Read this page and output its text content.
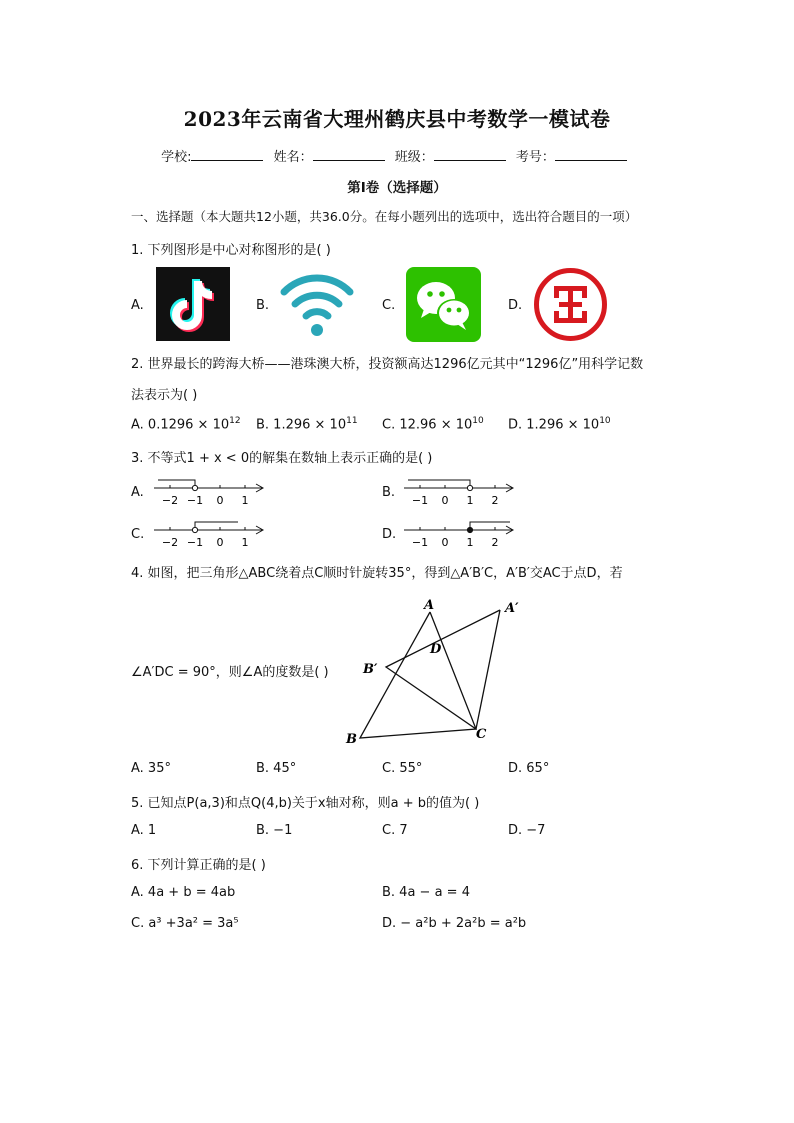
2023年云南省大理州鹤庆县中考数学一模试卷
学校:	姓名：	班级：	考号：
第I卷（选择题）
一、选择题（本大题共12小题，共36.0分。在每小题列出的选项中，选出符合题目的一项）
1. 下列图形是中心对称图形的是( )
A.	B.	C.	D.
2. 世界最长的跨海大桥——港珠澳大桥，投资额高达1296亿元其中“1296亿”用科学记数
法表示为( )
A. $0.1296 \times 10^{12}$ B. $1.296 \times 10^{11}$ C. $12.96 \times 10^{10}$ D. $1.296 \times 10^{10}$
3. 不等式1 + x < 0的解集在数轴上表示正确的是( )
A.	B.
C.	D.
−2 −1 0 1	−1 0 1 2
−2 −1 0 1	−1 0 1 2
4. 如图，把三角形△ABC绕着点C顺时针旋转35°，得到△A′B′C，A′B′交AC于点D，若
∠A′DC = 90°，则∠A的度数是( )
A	A′
D
B′
B	C
A. 35°	B. 45°	C. 55°	D. 65°
5. 已知点P(a,3)和点Q(4,b)关于x轴对称，则a + b的值为( )
A. 1	B. −1	C. 7	D. −7
6. 下列计算正确的是( )
A. 4a + b = 4ab	B. 4a − a = 4
C. a³ +3a² = 3a⁵	D. − a²b + 2a²b = a²b
